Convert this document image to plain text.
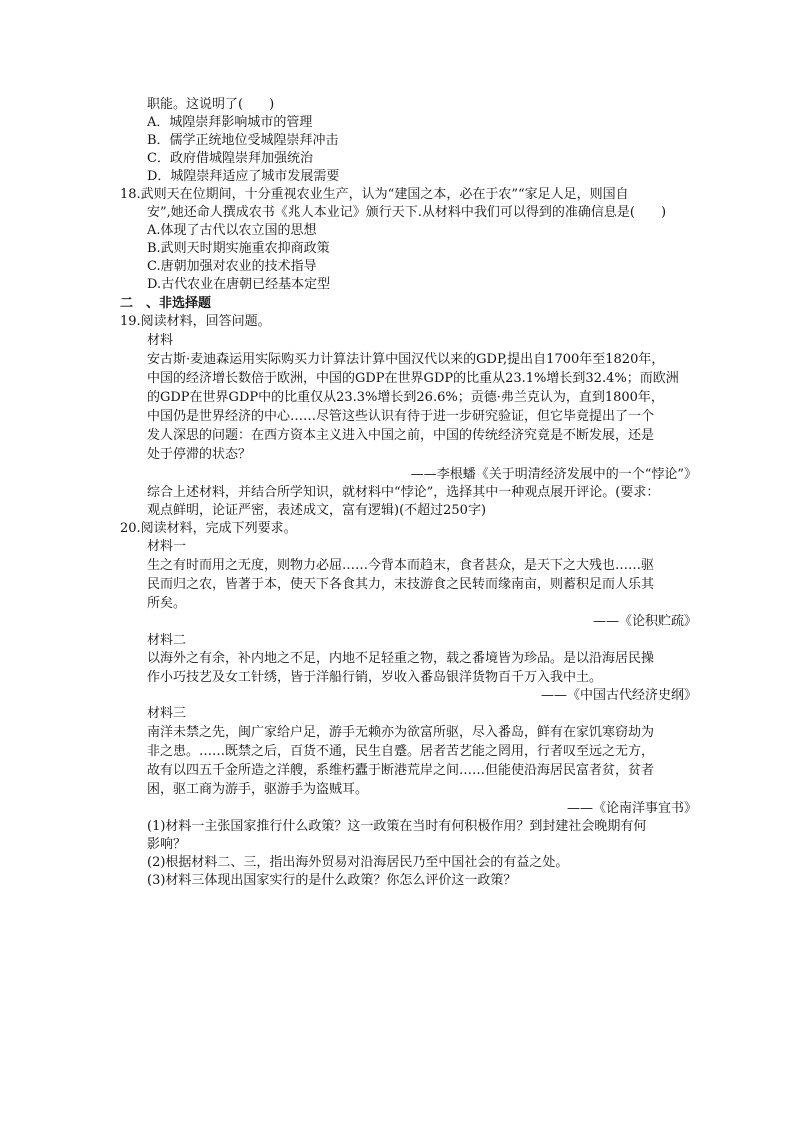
职能。这说明了(　　)
A．城隍崇拜影响城市的管理
B．儒学正统地位受城隍崇拜冲击
C．政府借城隍崇拜加强统治
D．城隍崇拜适应了城市发展需要
18.武则天在位期间，十分重视农业生产，认为“建国之本，必在于农”“家足人足，则国自
安”,她还命人撰成农书《兆人本业记》颁行天下.从材料中我们可以得到的准确信息是(　　)
A.体现了古代以农立国的思想
B.武则天时期实施重农抑商政策
C.唐朝加强对农业的技术指导
D.古代农业在唐朝已经基本定型
二　、非选择题
19.阅读材料，回答问题。
材料
安古斯·麦迪森运用实际购买力计算法计算中国汉代以来的GDP,提出自1700年至1820年，
中国的经济增长数倍于欧洲，中国的GDP在世界GDP的比重从23.1%增长到32.4%；而欧洲
的GDP在世界GDP中的比重仅从23.3%增长到26.6%；贡德·弗兰克认为，直到1800年，
中国仍是世界经济的中心……尽管这些认识有待于进一步研究验证，但它毕竟提出了一个
发人深思的问题：在西方资本主义进入中国之前，中国的传统经济究竟是不断发展，还是
处于停滞的状态？
——李根蟠《关于明清经济发展中的一个“悖论”》
综合上述材料，并结合所学知识，就材料中“悖论”，选择其中一种观点展开评论。(要求：
观点鲜明，论证严密，表述成文，富有逻辑)(不超过250字)
20.阅读材料，完成下列要求。
材料一
生之有时而用之无度，则物力必屈……今背本而趋末，食者甚众，是天下之大残也……驱
民而归之农，皆著于本，使天下各食其力，末技游食之民转而缘南亩，则蓄积足而人乐其
所矣。
——《论积贮疏》
材料二
以海外之有余，补内地之不足，内地不足轻重之物，载之番境皆为珍品。是以沿海居民操
作小巧技艺及女工针绣，皆于洋船行销，岁收入番岛银洋货物百千万入我中土。
——《中国古代经济史纲》
材料三
南洋未禁之先，闽广家给户足，游手无赖亦为欲富所驱，尽入番岛，鲜有在家饥寒窃劫为
非之患。……既禁之后，百货不通，民生自蹙。居者苦艺能之罔用，行者叹至远之无方，
故有以四五千金所造之洋艘，系维朽蠹于断港荒岸之间……但能使沿海居民富者贫，贫者
困，驱工商为游手，驱游手为盗贼耳。
——《论南洋事宜书》
(1)材料一主张国家推行什么政策？这一政策在当时有何积极作用？到封建社会晚期有何
影响？
(2)根据材料二、三，指出海外贸易对沿海居民乃至中国社会的有益之处。
(3)材料三体现出国家实行的是什么政策？你怎么评价这一政策？
